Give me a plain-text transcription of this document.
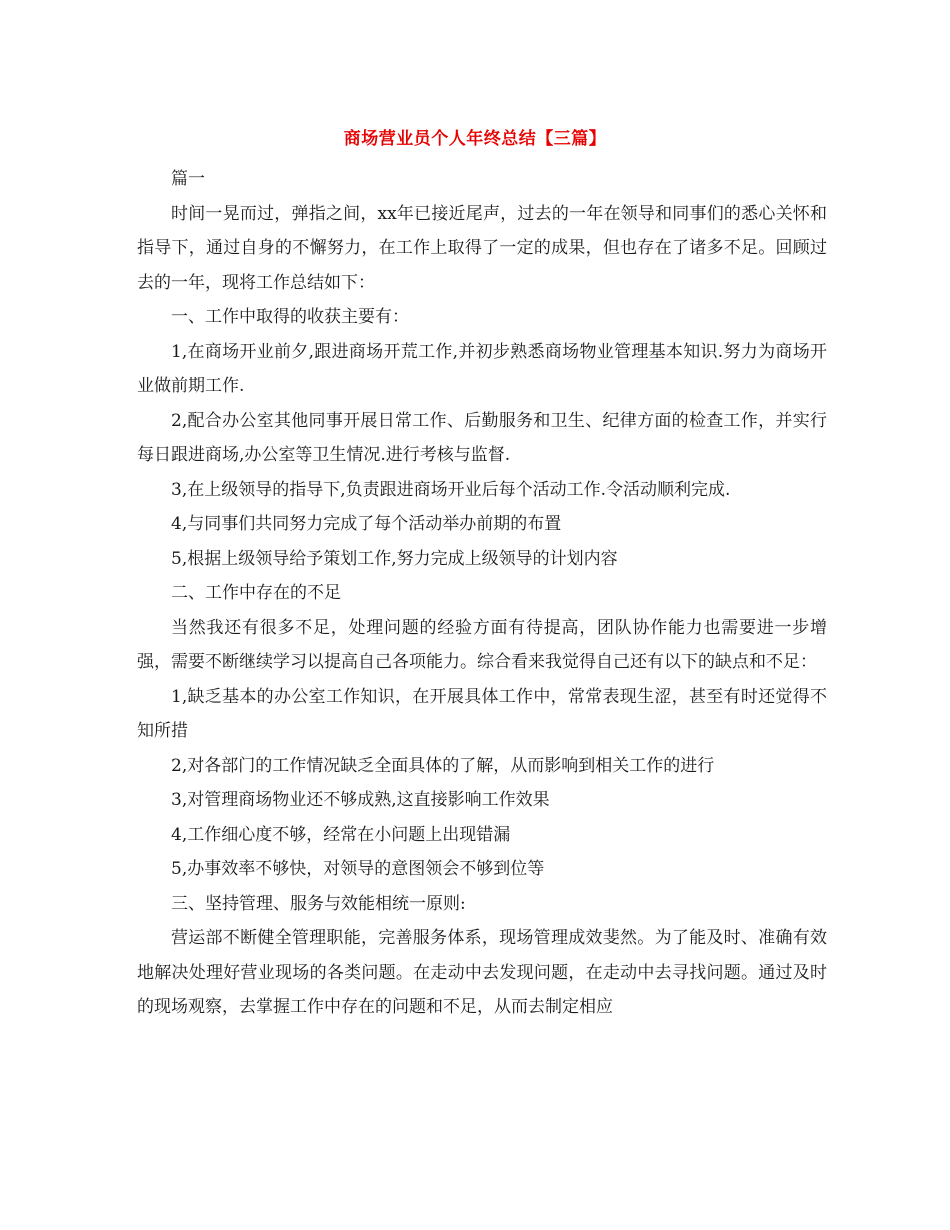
商场营业员个人年终总结【三篇】

篇一

时间一晃而过，弹指之间，xx年已接近尾声，过去的一年在领导和同事们的悉心关怀和指导下，通过自身的不懈努力，在工作上取得了一定的成果，但也存在了诸多不足。回顾过去的一年，现将工作总结如下：

一、工作中取得的收获主要有：

1,在商场开业前夕,跟进商场开荒工作,并初步熟悉商场物业管理基本知识.努力为商场开业做前期工作.

2,配合办公室其他同事开展日常工作、后勤服务和卫生、纪律方面的检查工作，并实行每日跟进商场,办公室等卫生情况.进行考核与监督.

3,在上级领导的指导下,负责跟进商场开业后每个活动工作.令活动顺利完成.

4,与同事们共同努力完成了每个活动举办前期的布置

5,根据上级领导给予策划工作,努力完成上级领导的计划内容

二、工作中存在的不足

当然我还有很多不足，处理问题的经验方面有待提高，团队协作能力也需要进一步增强，需要不断继续学习以提高自己各项能力。综合看来我觉得自己还有以下的缺点和不足：

1,缺乏基本的办公室工作知识，在开展具体工作中，常常表现生涩，甚至有时还觉得不知所措

2,对各部门的工作情况缺乏全面具体的了解，从而影响到相关工作的进行

3,对管理商场物业还不够成熟,这直接影响工作效果

4,工作细心度不够，经常在小问题上出现错漏

5,办事效率不够快，对领导的意图领会不够到位等

三、坚持管理、服务与效能相统一原则:

营运部不断健全管理职能，完善服务体系，现场管理成效斐然。为了能及时、准确有效地解决处理好营业现场的各类问题。在走动中去发现问题，在走动中去寻找问题。通过及时的现场观察，去掌握工作中存在的问题和不足，从而去制定相应
